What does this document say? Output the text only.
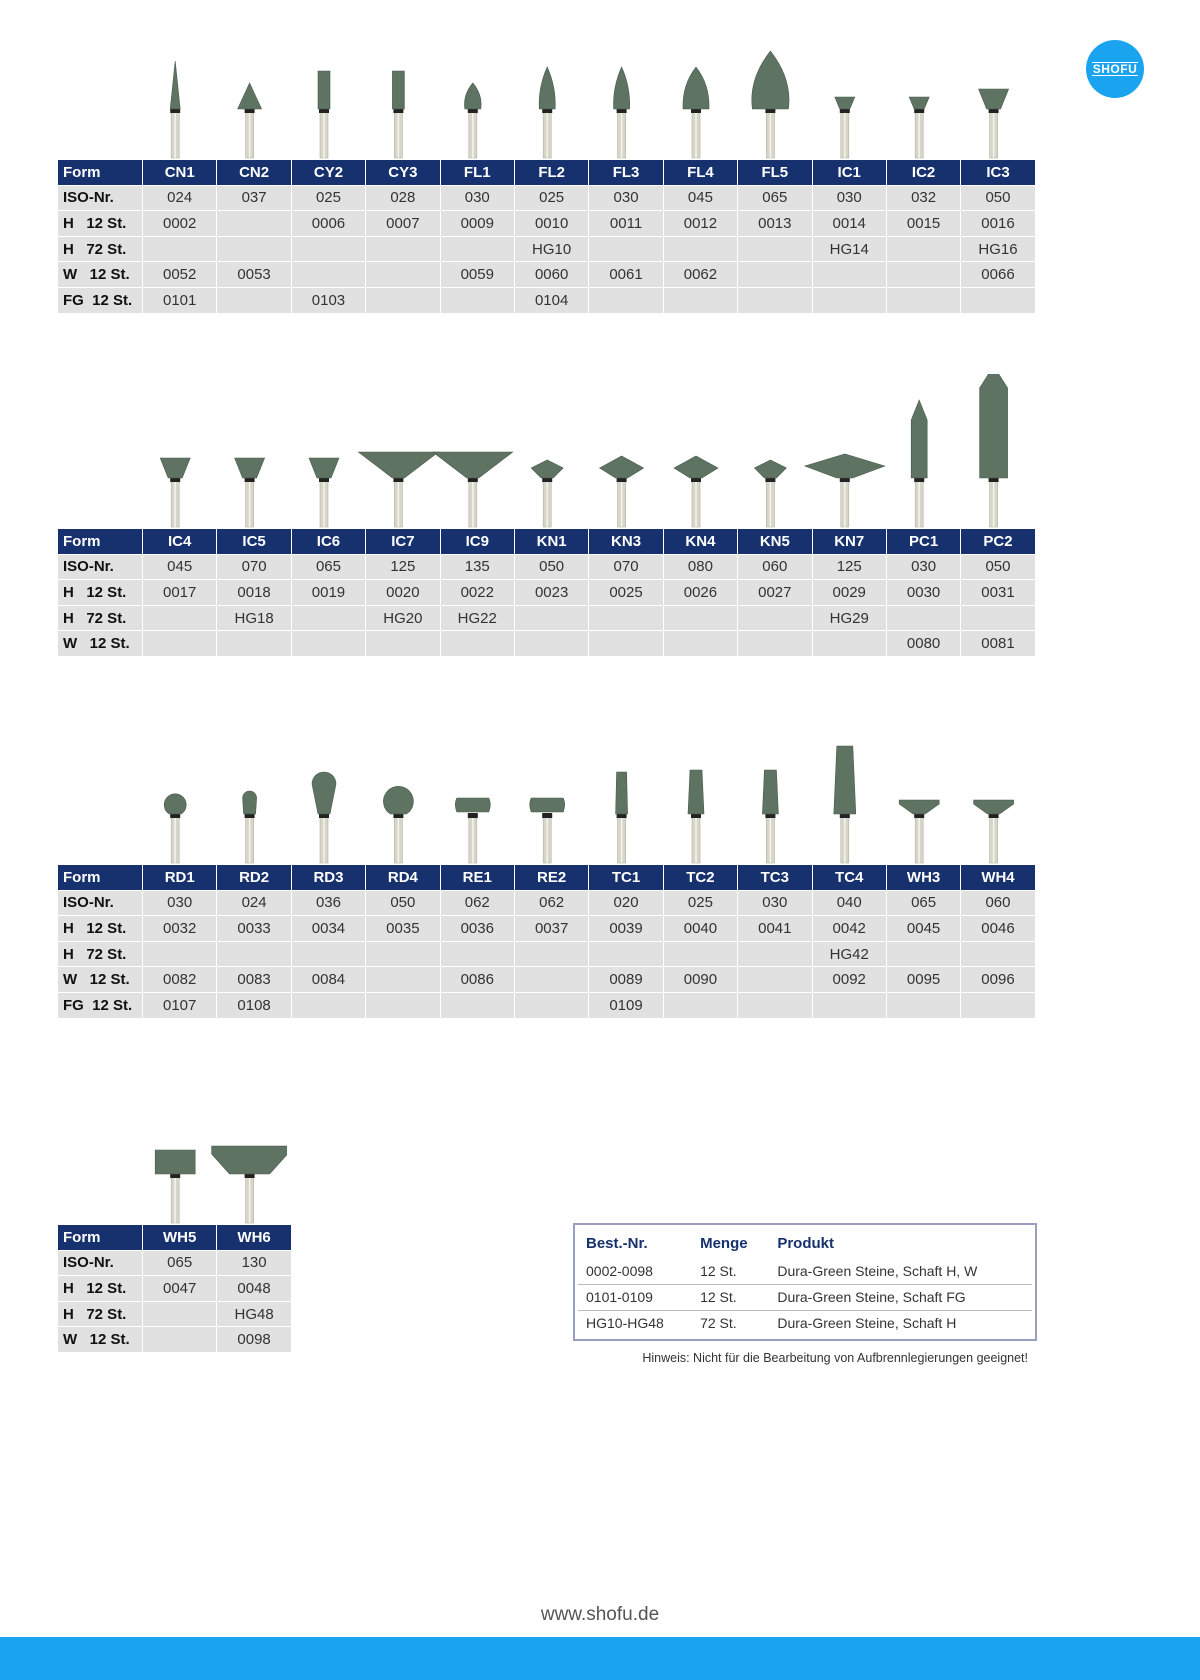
SHOFU
Form	CN1	CN2	CY2	CY3	FL1	FL2	FL3	FL4	FL5	IC1	IC2	IC3
ISO-Nr.	024	037	025	028	030	025	030	045	065	030	032	050
H   12 St.	0002		0006	0007	0009	0010	0011	0012	0013	0014	0015	0016
H   72 St.						HG10				HG14		HG16
W   12 St.	0052	0053			0059	0060	0061	0062				0066
FG  12 St.	0101		0103			0104						
Form	IC4	IC5	IC6	IC7	IC9	KN1	KN3	KN4	KN5	KN7	PC1	PC2
ISO-Nr.	045	070	065	125	135	050	070	080	060	125	030	050
H   12 St.	0017	0018	0019	0020	0022	0023	0025	0026	0027	0029	0030	0031
H   72 St.		HG18		HG20	HG22					HG29		
W   12 St.											0080	0081
Form	RD1	RD2	RD3	RD4	RE1	RE2	TC1	TC2	TC3	TC4	WH3	WH4
ISO-Nr.	030	024	036	050	062	062	020	025	030	040	065	060
H   12 St.	0032	0033	0034	0035	0036	0037	0039	0040	0041	0042	0045	0046
H   72 St.										HG42		
W   12 St.	0082	0083	0084		0086		0089	0090		0092	0095	0096
FG  12 St.	0107	0108					0109					
Form	WH5	WH6
ISO-Nr.	065	130
H   12 St.	0047	0048
H   72 St.		HG48
W   12 St.		0098
Best.-Nr.	Menge	Produkt
0002-0098	12 St.	Dura-Green Steine, Schaft H, W
0101-0109	12 St.	Dura-Green Steine, Schaft FG
HG10-HG48	72 St.	Dura-Green Steine, Schaft H
Hinweis: Nicht für die Bearbeitung von Aufbrennlegierungen geeignet!
www.shofu.de
